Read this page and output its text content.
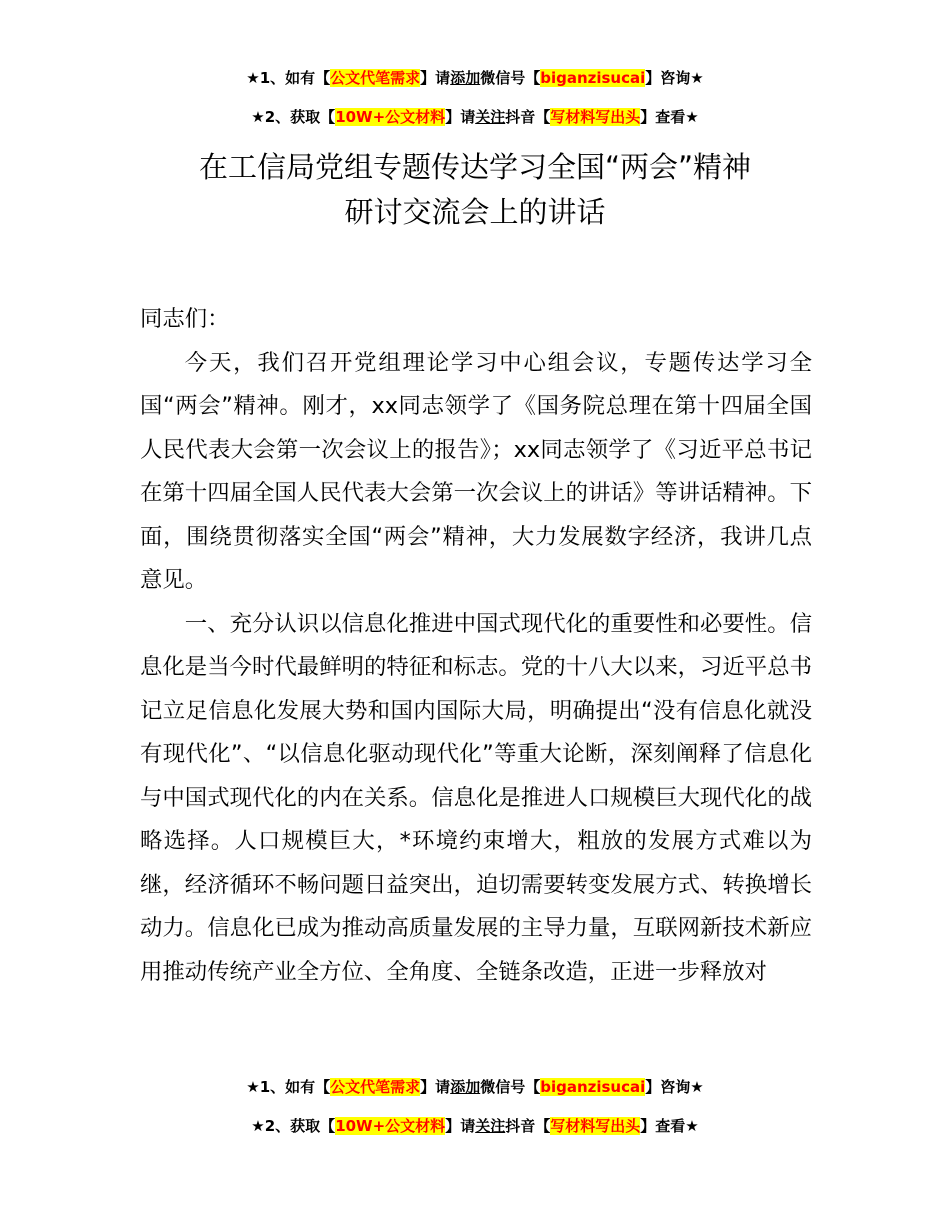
★1、如有【公文代笔需求】请添加微信号【biganzisucai】咨询★
★2、获取【10W+公文材料】请关注抖音【写材料写出头】查看★
在工信局党组专题传达学习全国“两会”精神
研讨交流会上的讲话

同志们：

今天，我们召开党组理论学习中心组会议，专题传达学习全国“两会”精神。刚才，xx同志领学了《国务院总理在第十四届全国人民代表大会第一次会议上的报告》；xx同志领学了《习近平总书记在第十四届全国人民代表大会第一次会议上的讲话》等讲话精神。下面，围绕贯彻落实全国“两会”精神，大力发展数字经济，我讲几点意见。

一、充分认识以信息化推进中国式现代化的重要性和必要性。信息化是当今时代最鲜明的特征和标志。党的十八大以来，习近平总书记立足信息化发展大势和国内国际大局，明确提出“没有信息化就没有现代化”、“以信息化驱动现代化”等重大论断，深刻阐释了信息化与中国式现代化的内在关系。信息化是推进人口规模巨大现代化的战略选择。人口规模巨大，*环境约束增大，粗放的发展方式难以为继，经济循环不畅问题日益突出，迫切需要转变发展方式、转换增长动力。信息化已成为推动高质量发展的主导力量，互联网新技术新应用推动传统产业全方位、全角度、全链条改造，正进一步释放对

★1、如有【公文代笔需求】请添加微信号【biganzisucai】咨询★
★2、获取【10W+公文材料】请关注抖音【写材料写出头】查看★
